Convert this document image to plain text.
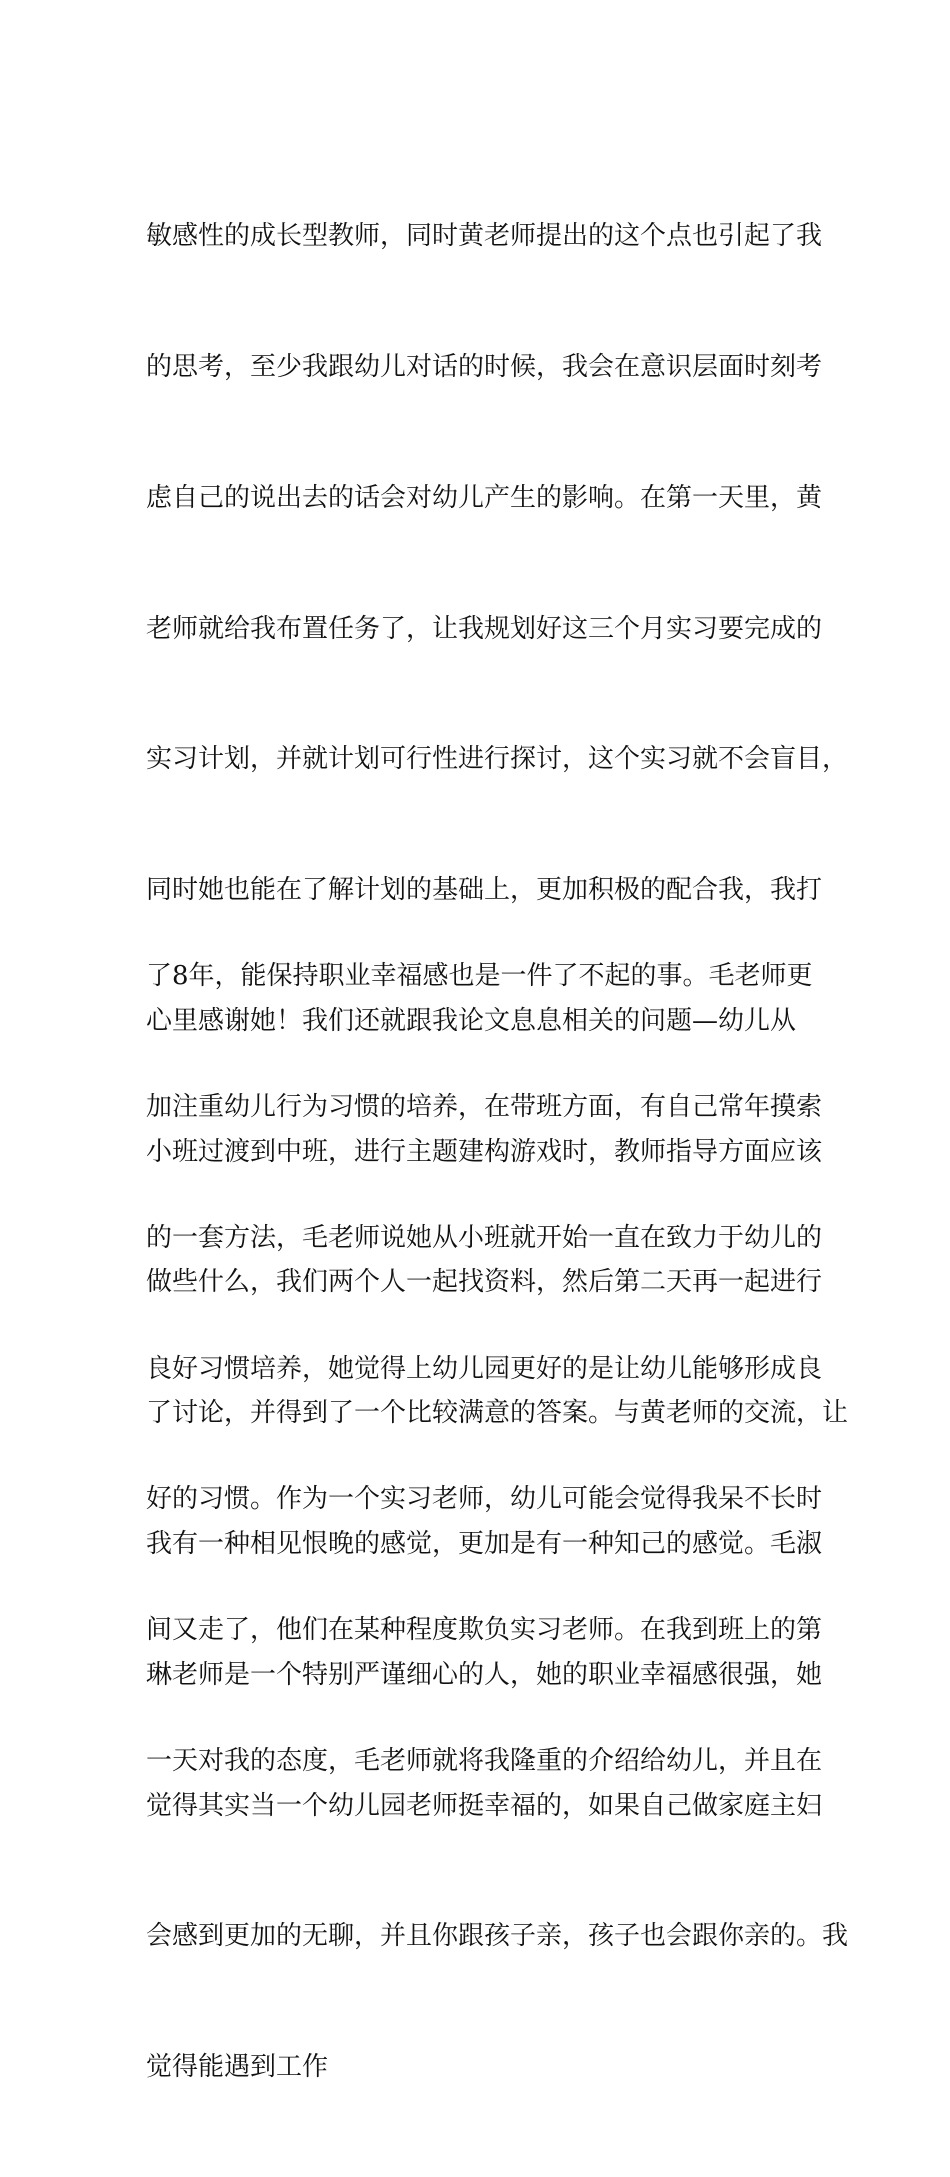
敏感性的成长型教师，同时黄老师提出的这个点也引起了我

的思考，至少我跟幼儿对话的时候，我会在意识层面时刻考

虑自己的说出去的话会对幼儿产生的影响。在第一天里，黄

老师就给我布置任务了，让我规划好这三个月实习要完成的

实习计划，并就计划可行性进行探讨，这个实习就不会盲目，

同时她也能在了解计划的基础上，更加积极的配合我，我打

心里感谢她！我们还就跟我论文息息相关的问题—幼儿从

小班过渡到中班，进行主题建构游戏时，教师指导方面应该

做些什么，我们两个人一起找资料，然后第二天再一起进行

了讨论，并得到了一个比较满意的答案。与黄老师的交流，让

我有一种相见恨晚的感觉，更加是有一种知己的感觉。毛淑

琳老师是一个特别严谨细心的人，她的职业幸福感很强，她

觉得其实当一个幼儿园老师挺幸福的，如果自己做家庭主妇

会感到更加的无聊，并且你跟孩子亲，孩子也会跟你亲的。我

觉得能遇到工作

了8年，能保持职业幸福感也是一件了不起的事。毛老师更

加注重幼儿行为习惯的培养，在带班方面，有自己常年摸索

的一套方法，毛老师说她从小班就开始一直在致力于幼儿的

良好习惯培养，她觉得上幼儿园更好的是让幼儿能够形成良

好的习惯。作为一个实习老师，幼儿可能会觉得我呆不长时

间又走了，他们在某种程度欺负实习老师。在我到班上的第

一天对我的态度，毛老师就将我隆重的介绍给幼儿，并且在
